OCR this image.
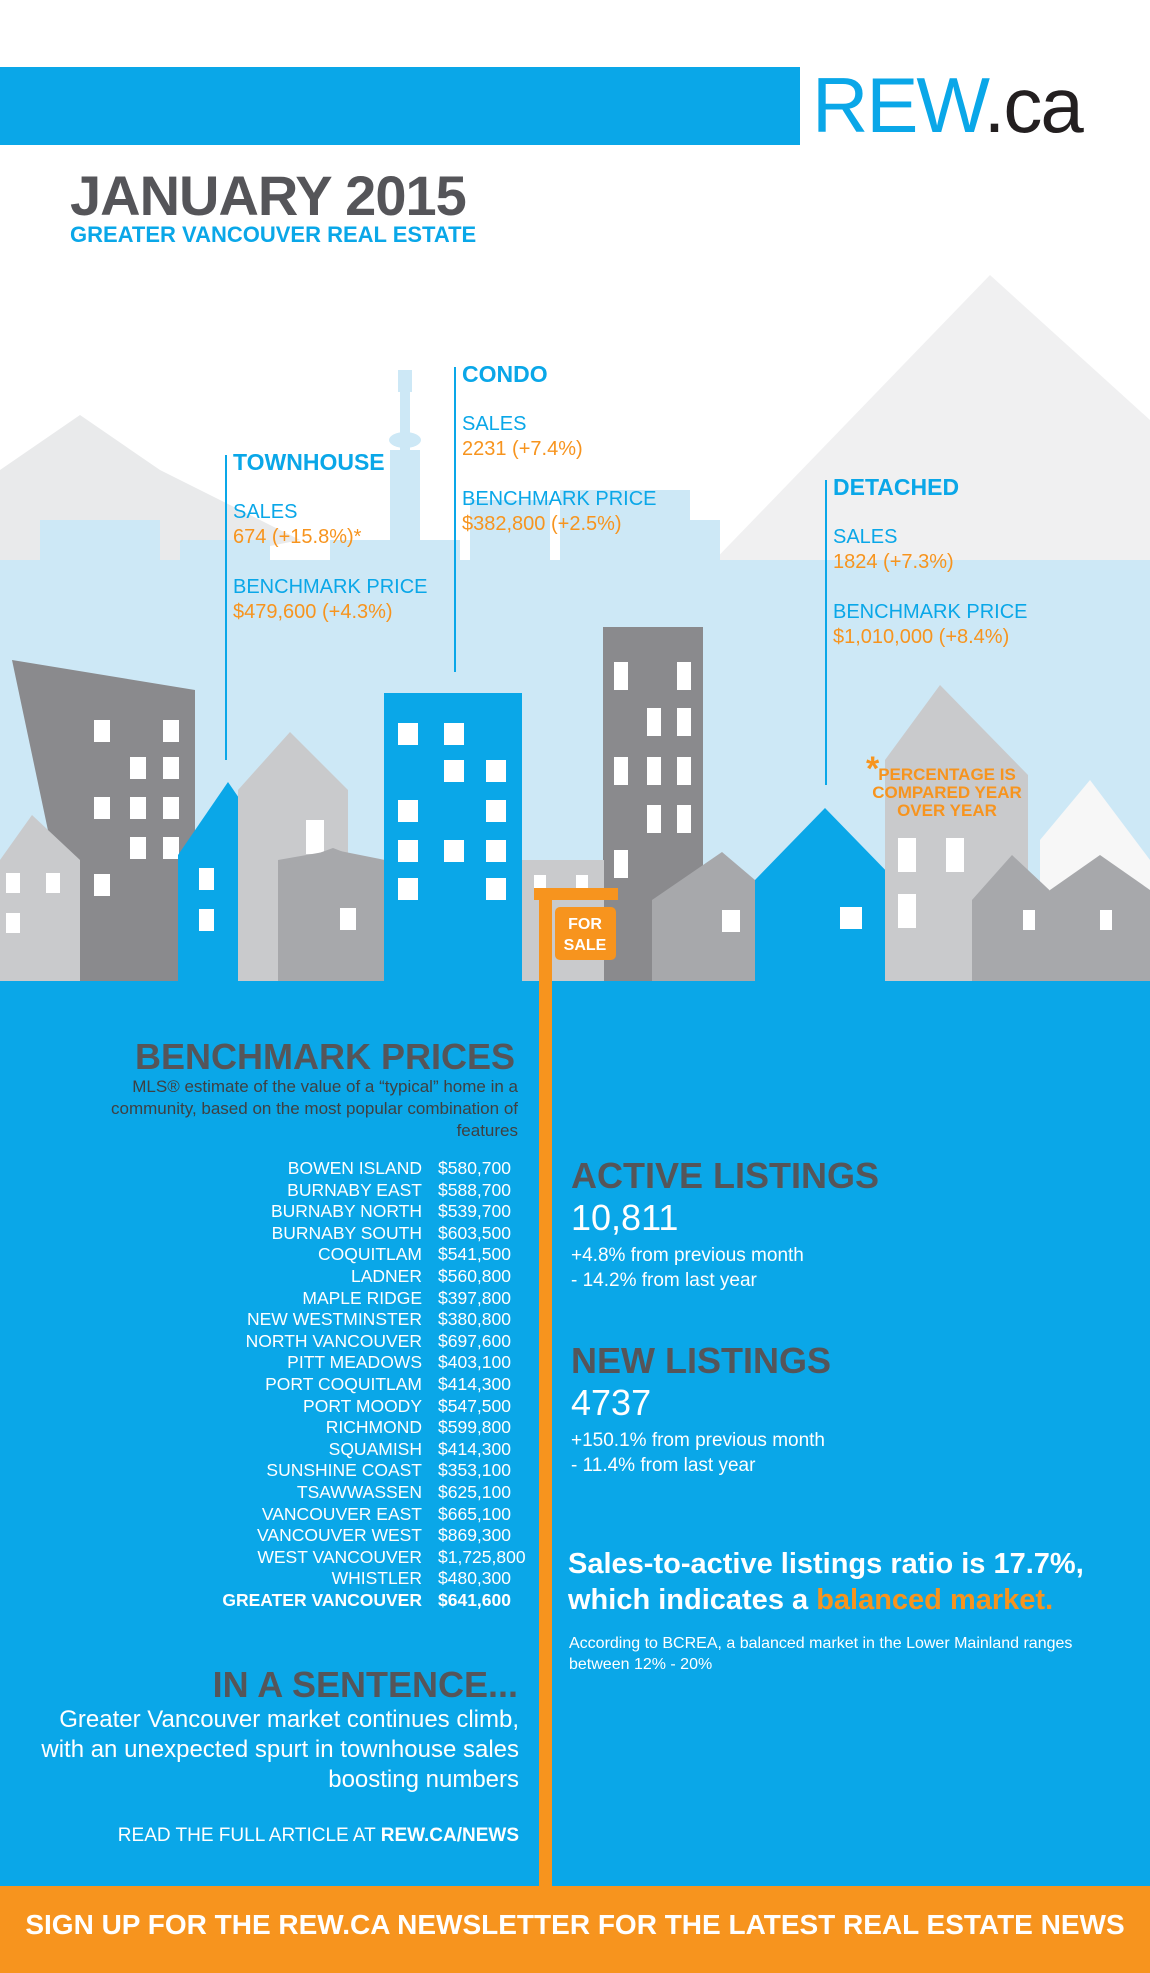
REW.ca
JANUARY 2015
GREATER VANCOUVER REAL ESTATE
FOR
SALE
TOWNHOUSE
SALES
674 (+15.8%)*
BENCHMARK PRICE
$479,600 (+4.3%)
CONDO
SALES
2231 (+7.4%)
BENCHMARK PRICE
$382,800 (+2.5%)
DETACHED
SALES
1824 (+7.3%)
BENCHMARK PRICE
$1,010,000 (+8.4%)
*
PERCENTAGE IS COMPARED YEAR OVER YEAR
BENCHMARK PRICES
MLS® estimate of the value of a “typical” home in a community, based on the most popular combination of features
BOWEN ISLAND $580,700
BURNABY EAST $588,700
BURNABY NORTH $539,700
BURNABY SOUTH $603,500
COQUITLAM $541,500
LADNER $560,800
MAPLE RIDGE $397,800
NEW WESTMINSTER $380,800
NORTH VANCOUVER $697,600
PITT MEADOWS $403,100
PORT COQUITLAM $414,300
PORT MOODY $547,500
RICHMOND $599,800
SQUAMISH $414,300
SUNSHINE COAST $353,100
TSAWWASSEN $625,100
VANCOUVER EAST $665,100
VANCOUVER WEST $869,300
WEST VANCOUVER $1,725,800
WHISTLER $480,300
GREATER VANCOUVER $641,600
IN A SENTENCE...
Greater Vancouver market continues climb, with an unexpected spurt in townhouse sales boosting numbers
READ THE FULL ARTICLE AT REW.CA/NEWS
ACTIVE LISTINGS
10,811
+4.8% from previous month
- 14.2% from last year
NEW LISTINGS
4737
+150.1% from previous month
- 11.4% from last year
Sales-to-active listings ratio is 17.7%,
which indicates a balanced market.
According to BCREA, a balanced market in the Lower Mainland ranges between 12% - 20%
SIGN UP FOR THE REW.CA NEWSLETTER FOR THE LATEST REAL ESTATE NEWS
